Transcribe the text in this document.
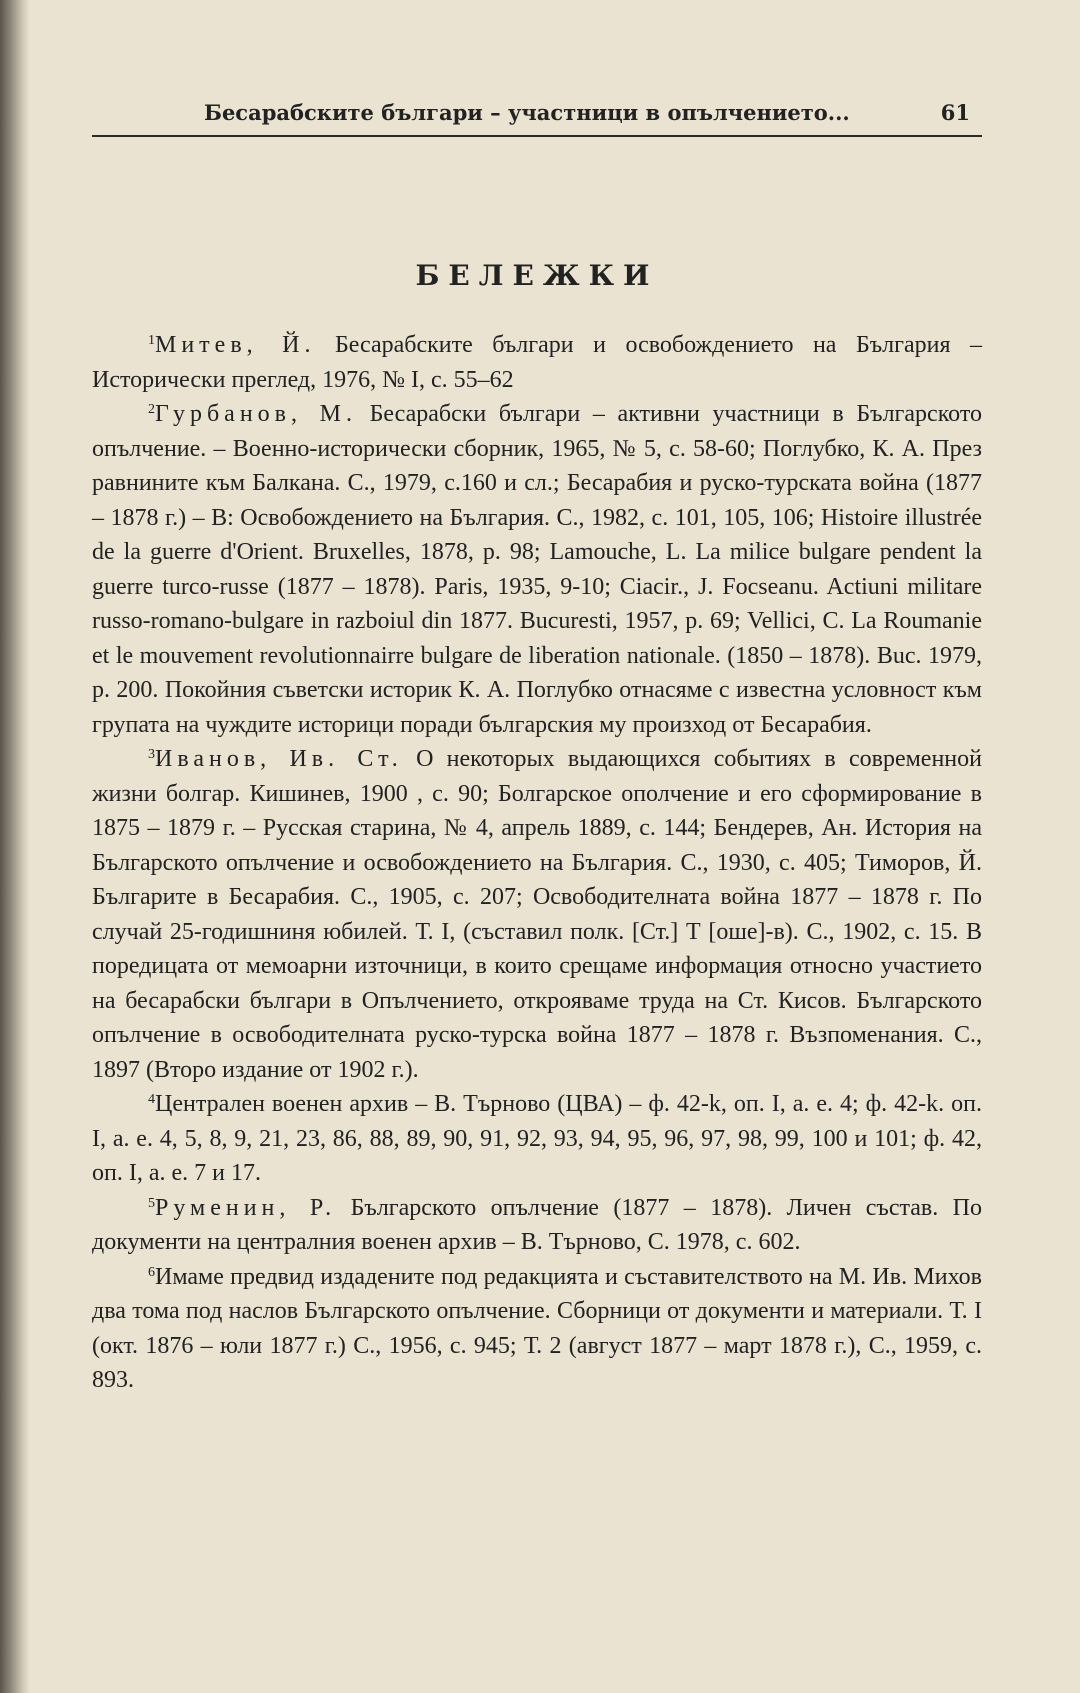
Бесарабските българи – участници в опълчението...	61
БЕЛЕЖКИ

$^1$Митев, Й. Бесарабските българи и освобождението на България – Исторически преглед, 1976, № I, с. 55–62

$^2$Гурбанов, М. Бесарабски българи – активни участници в Българското опълчение. – Военно-исторически сборник, 1965, № 5, с. 58-60; Поглубко, К. А. През равнините към Балкана. С., 1979, с.160 и сл.; Бесарабия и руско-турската война (1877 – 1878 г.) – В: Освобождението на България. С., 1982, с. 101, 105, 106; Histoire illustrée de la guerre d'Orient. Bruxelles, 1878, p. 98; Lamouche, L. La milice bulgare pendent la guerre turco-russe (1877 – 1878). Paris, 1935, 9-10; Ciacir., J. Focseanu. Actiuni militare russo-romano-bulgare in razboiul din 1877. Bucuresti, 1957, p. 69; Vellici, C. La Roumanie et le mouvement revolutionnairre bulgare de liberation nationale. (1850 – 1878). Buc. 1979, p. 200. Покойния съветски историк К. А. Поглубко отнасяме с известна условност към групата на чуждите историци поради българския му произход от Бесарабия.

$^3$Иванов, Ив. Ст. О некоторых выдающихся событиях в современной жизни болгар. Кишинев, 1900 , с. 90; Болгарское ополчение и его сформирование в 1875 – 1879 г. – Русская старина, № 4, апрель 1889, с. 144; Бендерев, Ан. История на Българското опълчение и освобождението на България. С., 1930, с. 405; Тиморов, Й. Българите в Бесарабия. С., 1905, с. 207; Освободителната война 1877 – 1878 г. По случай 25-годишниня юбилей. Т. I, (съставил полк. [Ст.] Т [оше]-в). С., 1902, с. 15. В поредицата от мемоарни източници, в които срещаме информация относно участието на бесарабски българи в Опълчението, открояваме труда на Ст. Кисов. Българското опълчение в освободителната руско-турска война 1877 – 1878 г. Възпоменания. С., 1897 (Второ издание от 1902 г.).

$^4$Централен военен архив – В. Търново (ЦВА) – ф. 42-k, оп. I, а. е. 4; ф. 42-k. оп. I, а. е. 4, 5, 8, 9, 21, 23, 86, 88, 89, 90, 91, 92, 93, 94, 95, 96, 97, 98, 99, 100 и 101; ф. 42, оп. I, а. е. 7 и 17.

$^5$Руменин, Р. Българското опълчение (1877 – 1878). Личен състав. По документи на централния военен архив – В. Търново, С. 1978, с. 602.

$^6$Имаме предвид издадените под редакцията и съставителството на М. Ив. Михов два тома под наслов Българското опълчение. Сборници от документи и материали. Т. I (окт. 1876 – юли 1877 г.) С., 1956, с. 945; Т. 2 (август 1877 – март 1878 г.), С., 1959, с. 893.
